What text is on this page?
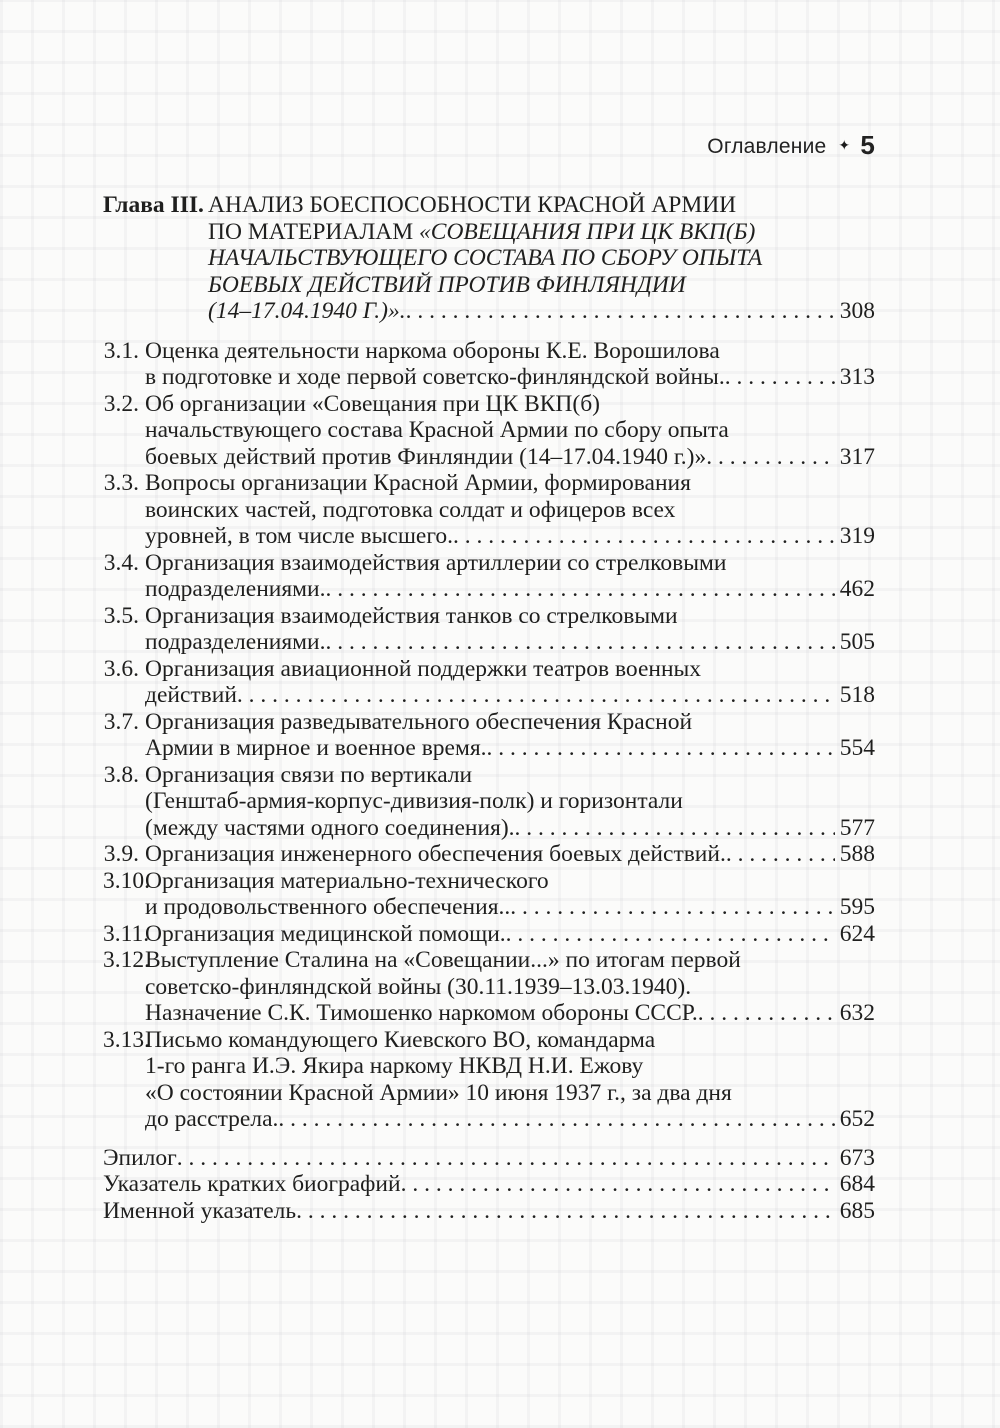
Оглавление ✦ 5
Глава III. АНАЛИЗ БОЕСПОСОБНОСТИ КРАСНОЙ АРМИИ
ПО МАТЕРИАЛАМ «СОВЕЩАНИЯ ПРИ ЦК ВКП(Б)
НАЧАЛЬСТВУЮЩЕГО СОСТАВА ПО СБОРУ ОПЫТА
БОЕВЫХ ДЕЙСТВИЙ ПРОТИВ ФИНЛЯНДИИ
(14–17.04.1940 Г.)». . . .	308
3.1. Оценка деятельности наркома обороны К.Е. Ворошилова
в подготовке и ходе первой советско-финляндской войны. . . .	313
3.2. Об организации «Совещания при ЦК ВКП(б)
начальствующего состава Красной Армии по сбору опыта
боевых действий против Финляндии (14–17.04.1940 г.)» . . .	317
3.3. Вопросы организации Красной Армии, формирования
воинских частей, подготовка солдат и офицеров всех
уровней, в том числе высшего. . . .	319
3.4. Организация взаимодействия артиллерии со стрелковыми
подразделениями. . . .	462
3.5. Организация взаимодействия танков со стрелковыми
подразделениями. . . .	505
3.6. Организация авиационной поддержки театров военных
действий . . .	518
3.7. Организация разведывательного обеспечения Красной
Армии в мирное и военное время. . . .	554
3.8. Организация связи по вертикали
(Генштаб-армия-корпус-дивизия-полк) и горизонтали
(между частями одного соединения). . . .	577
3.9. Организация инженерного обеспечения боевых действий. . . .	588
3.10.
Организация материально-технического
и продовольственного обеспечения.. . . .	595
3.11.
Организация медицинской помощи. . . .	624
3.12.
Выступление Сталина на «Совещании...» по итогам первой
советско-финляндской войны (30.11.1939–13.03.1940).
Назначение С.К. Тимошенко наркомом обороны СССР. . . .	632
3.13.
Письмо командующего Киевского ВО, командарма
1-го ранга И.Э. Якира наркому НКВД Н.И. Ежову
«О состоянии Красной Армии» 10 июня 1937 г., за два дня
до расстрела. . . .	652
Эпилог . . .	673
Указатель кратких биографий . . .	684
Именной указатель . . .	685
